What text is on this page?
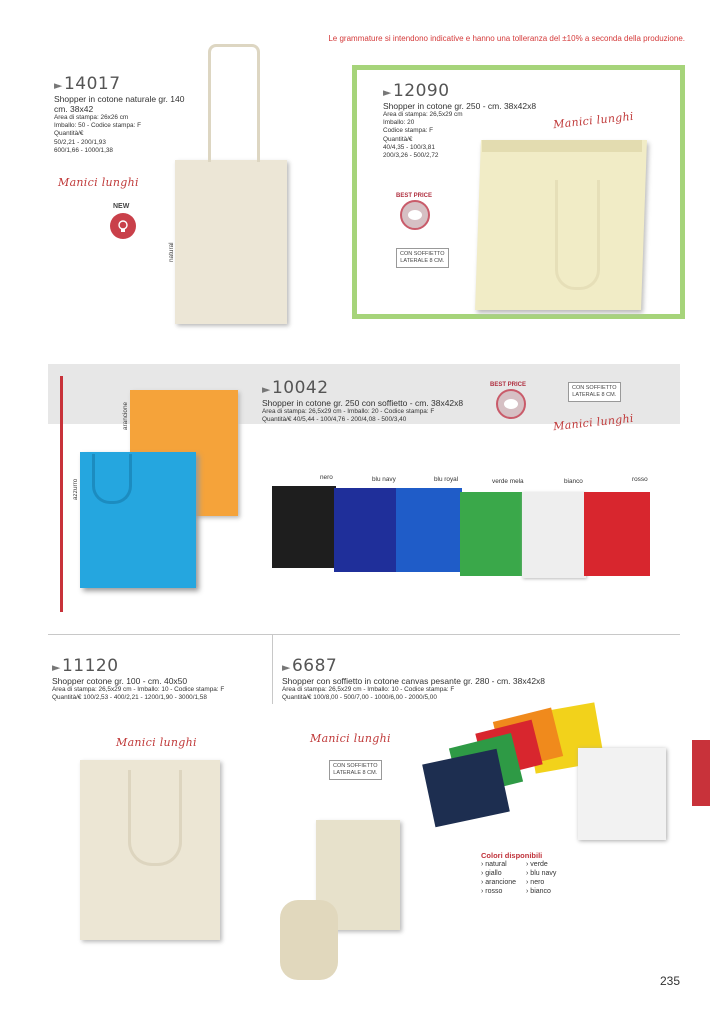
Le grammature si intendono indicative e hanno una tolleranza del ±10% a seconda della produzione.
►14017
Shopper in cotone naturale gr. 140
cm. 38x42
Area di stampa: 26x26 cm
Imballo: 50 - Codice stampa: F
Quantità/€
50/2,21 - 200/1,93
600/1,66 - 1000/1,38
Manici lunghi
NEW
natural
►12090
Shopper in cotone gr. 250 - cm. 38x42x8
Area di stampa: 26,5x29 cm
Imballo: 20
Codice stampa: F
Quantità/€
40/4,35 - 100/3,81
200/3,26 - 500/2,72
Manici lunghi
BEST PRICE
CON SOFFIETTO
LATERALE 8 CM.
►10042
Shopper in cotone gr. 250 con soffietto - cm. 38x42x8
Area di stampa: 26,5x29 cm - Imballo: 20 - Codice stampa: F
Quantità/€ 40/5,44 - 100/4,76 - 200/4,08 - 500/3,40
BEST PRICE	CON SOFFIETTO
LATERALE 8 CM.
Manici lunghi
arancione
azzurro
nero	blu navy	blu royal	verde mela	bianco	rosso
►11120
Shopper cotone gr. 100 - cm. 40x50
Area di stampa: 26,5x29 cm - Imballo: 10 - Codice stampa: F
Quantità/€ 100/2,53 - 400/2,21 - 1200/1,90 - 3000/1,58
Manici lunghi
►6687
Shopper con soffietto in cotone canvas pesante gr. 280 - cm. 38x42x8
Area di stampa: 26,5x29 cm - Imballo: 10 - Codice stampa: F
Quantità/€ 100/8,00 - 500/7,00 - 1000/6,00 - 2000/5,00
Manici lunghi
CON SOFFIETTO
LATERALE 8 CM.
Colori disponibili
› natural
› giallo
› arancione
› rosso
› verde
› blu navy
› nero
› bianco
235
